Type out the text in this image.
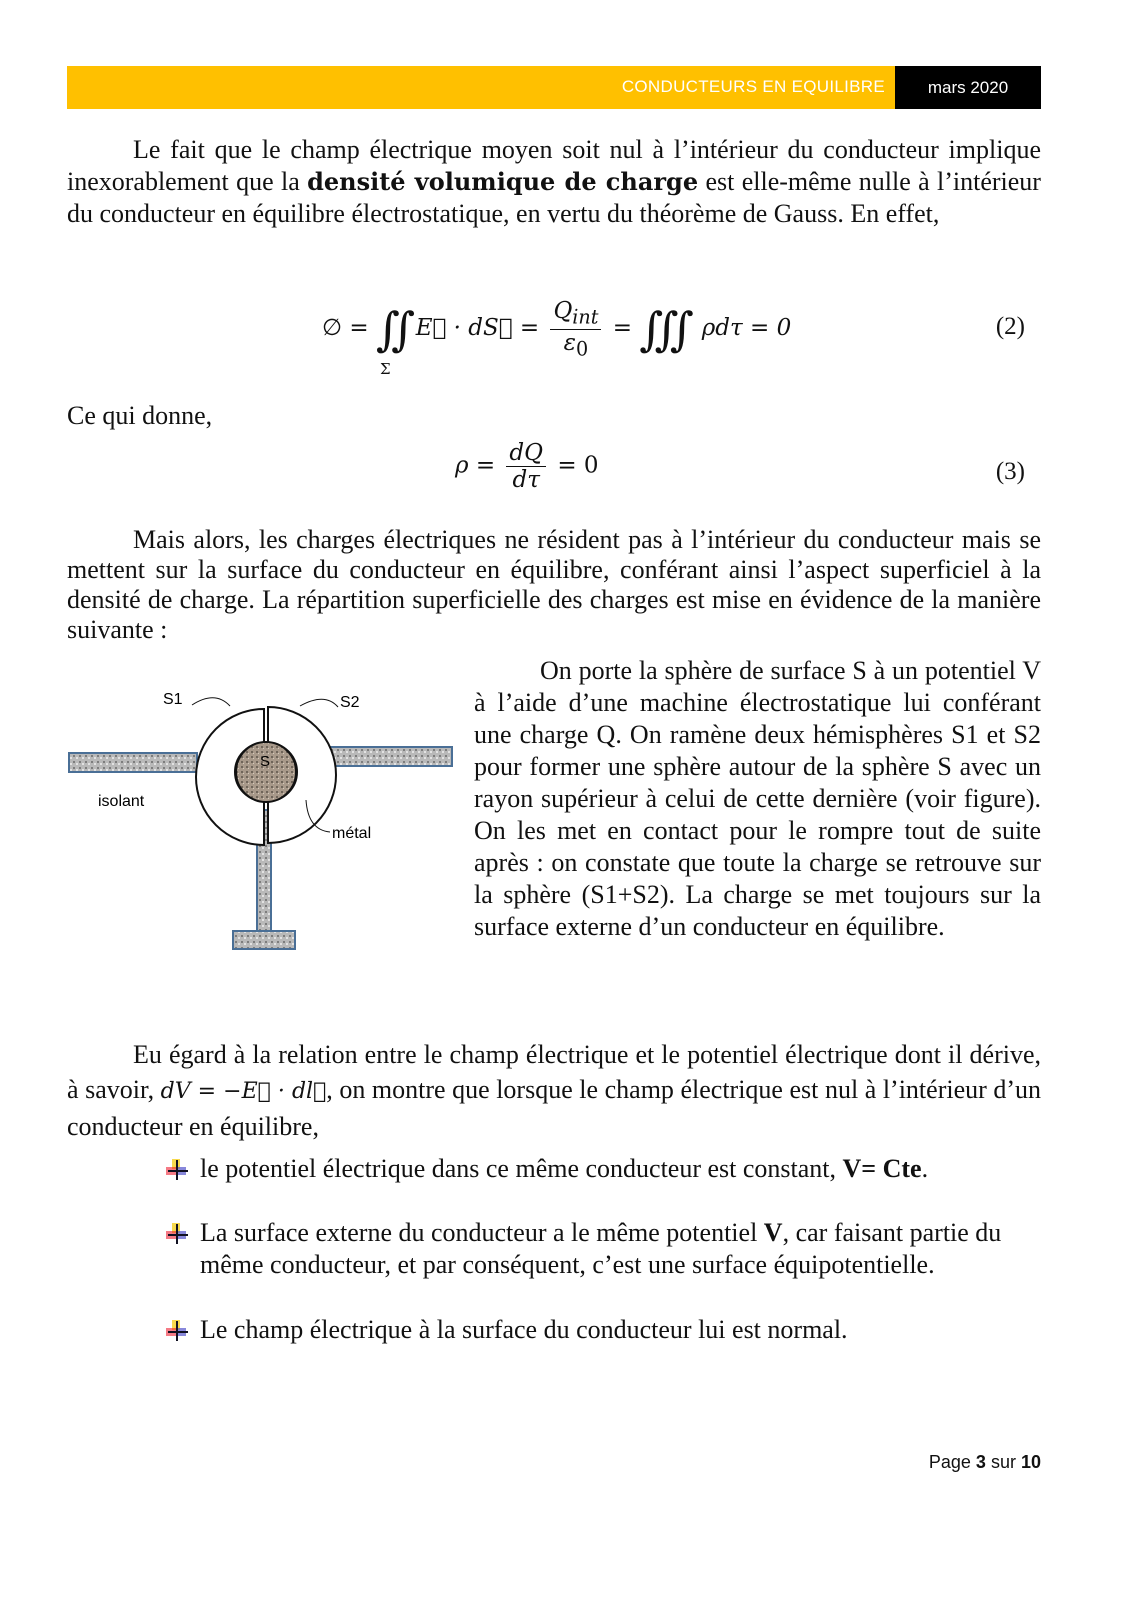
CONDUCTEURS EN EQUILIBRE	mars 2020
Le fait que le champ électrique moyen soit nul à l’intérieur du conducteur implique inexorablement que la densité volumique de charge est elle-même nulle à l’intérieur du conducteur en équilibre électrostatique, en vertu du théorème de Gauss. En effet,
∅ = ∬
Σ
E⃗ · dS⃗ = $\frac{Q_{int}}{\varepsilon_0}$ = ∭ ρdτ = 0	(2)
Ce qui donne,
$\rho = \frac{dQ}{d\tau} = 0$	(3)
Mais alors, les charges électriques ne résident pas à l’intérieur du conducteur mais se mettent sur la surface du conducteur en équilibre, conférant ainsi l’aspect superficiel à la densité de charge. La répartition superficielle des charges est mise en évidence de la manière suivante :
S1	S2
S
isolant
métal
On porte la sphère de surface S à un potentiel V à l’aide d’une machine électrostatique lui conférant une charge Q. On ramène deux hémisphères S1 et S2 pour former une sphère autour de la sphère S avec un rayon supérieur à celui de cette dernière (voir figure). On les met en contact pour le rompre tout de suite après : on constate que toute la charge se retrouve sur la sphère (S1+S2). La charge se met toujours sur la surface externe d’un conducteur en équilibre.
Eu égard à la relation entre le champ électrique et le potentiel électrique dont il dérive, à savoir, dV = −E⃗ · dl⃗, on montre que lorsque le champ électrique est nul à l’intérieur d’un conducteur en équilibre,
le potentiel électrique dans ce même conducteur est constant, V= Cte.
La surface externe du conducteur a le même potentiel V, car faisant partie du même conducteur, et par conséquent, c’est une surface équipotentielle.
Le champ électrique à la surface du conducteur lui est normal.
Page 3 sur 10
